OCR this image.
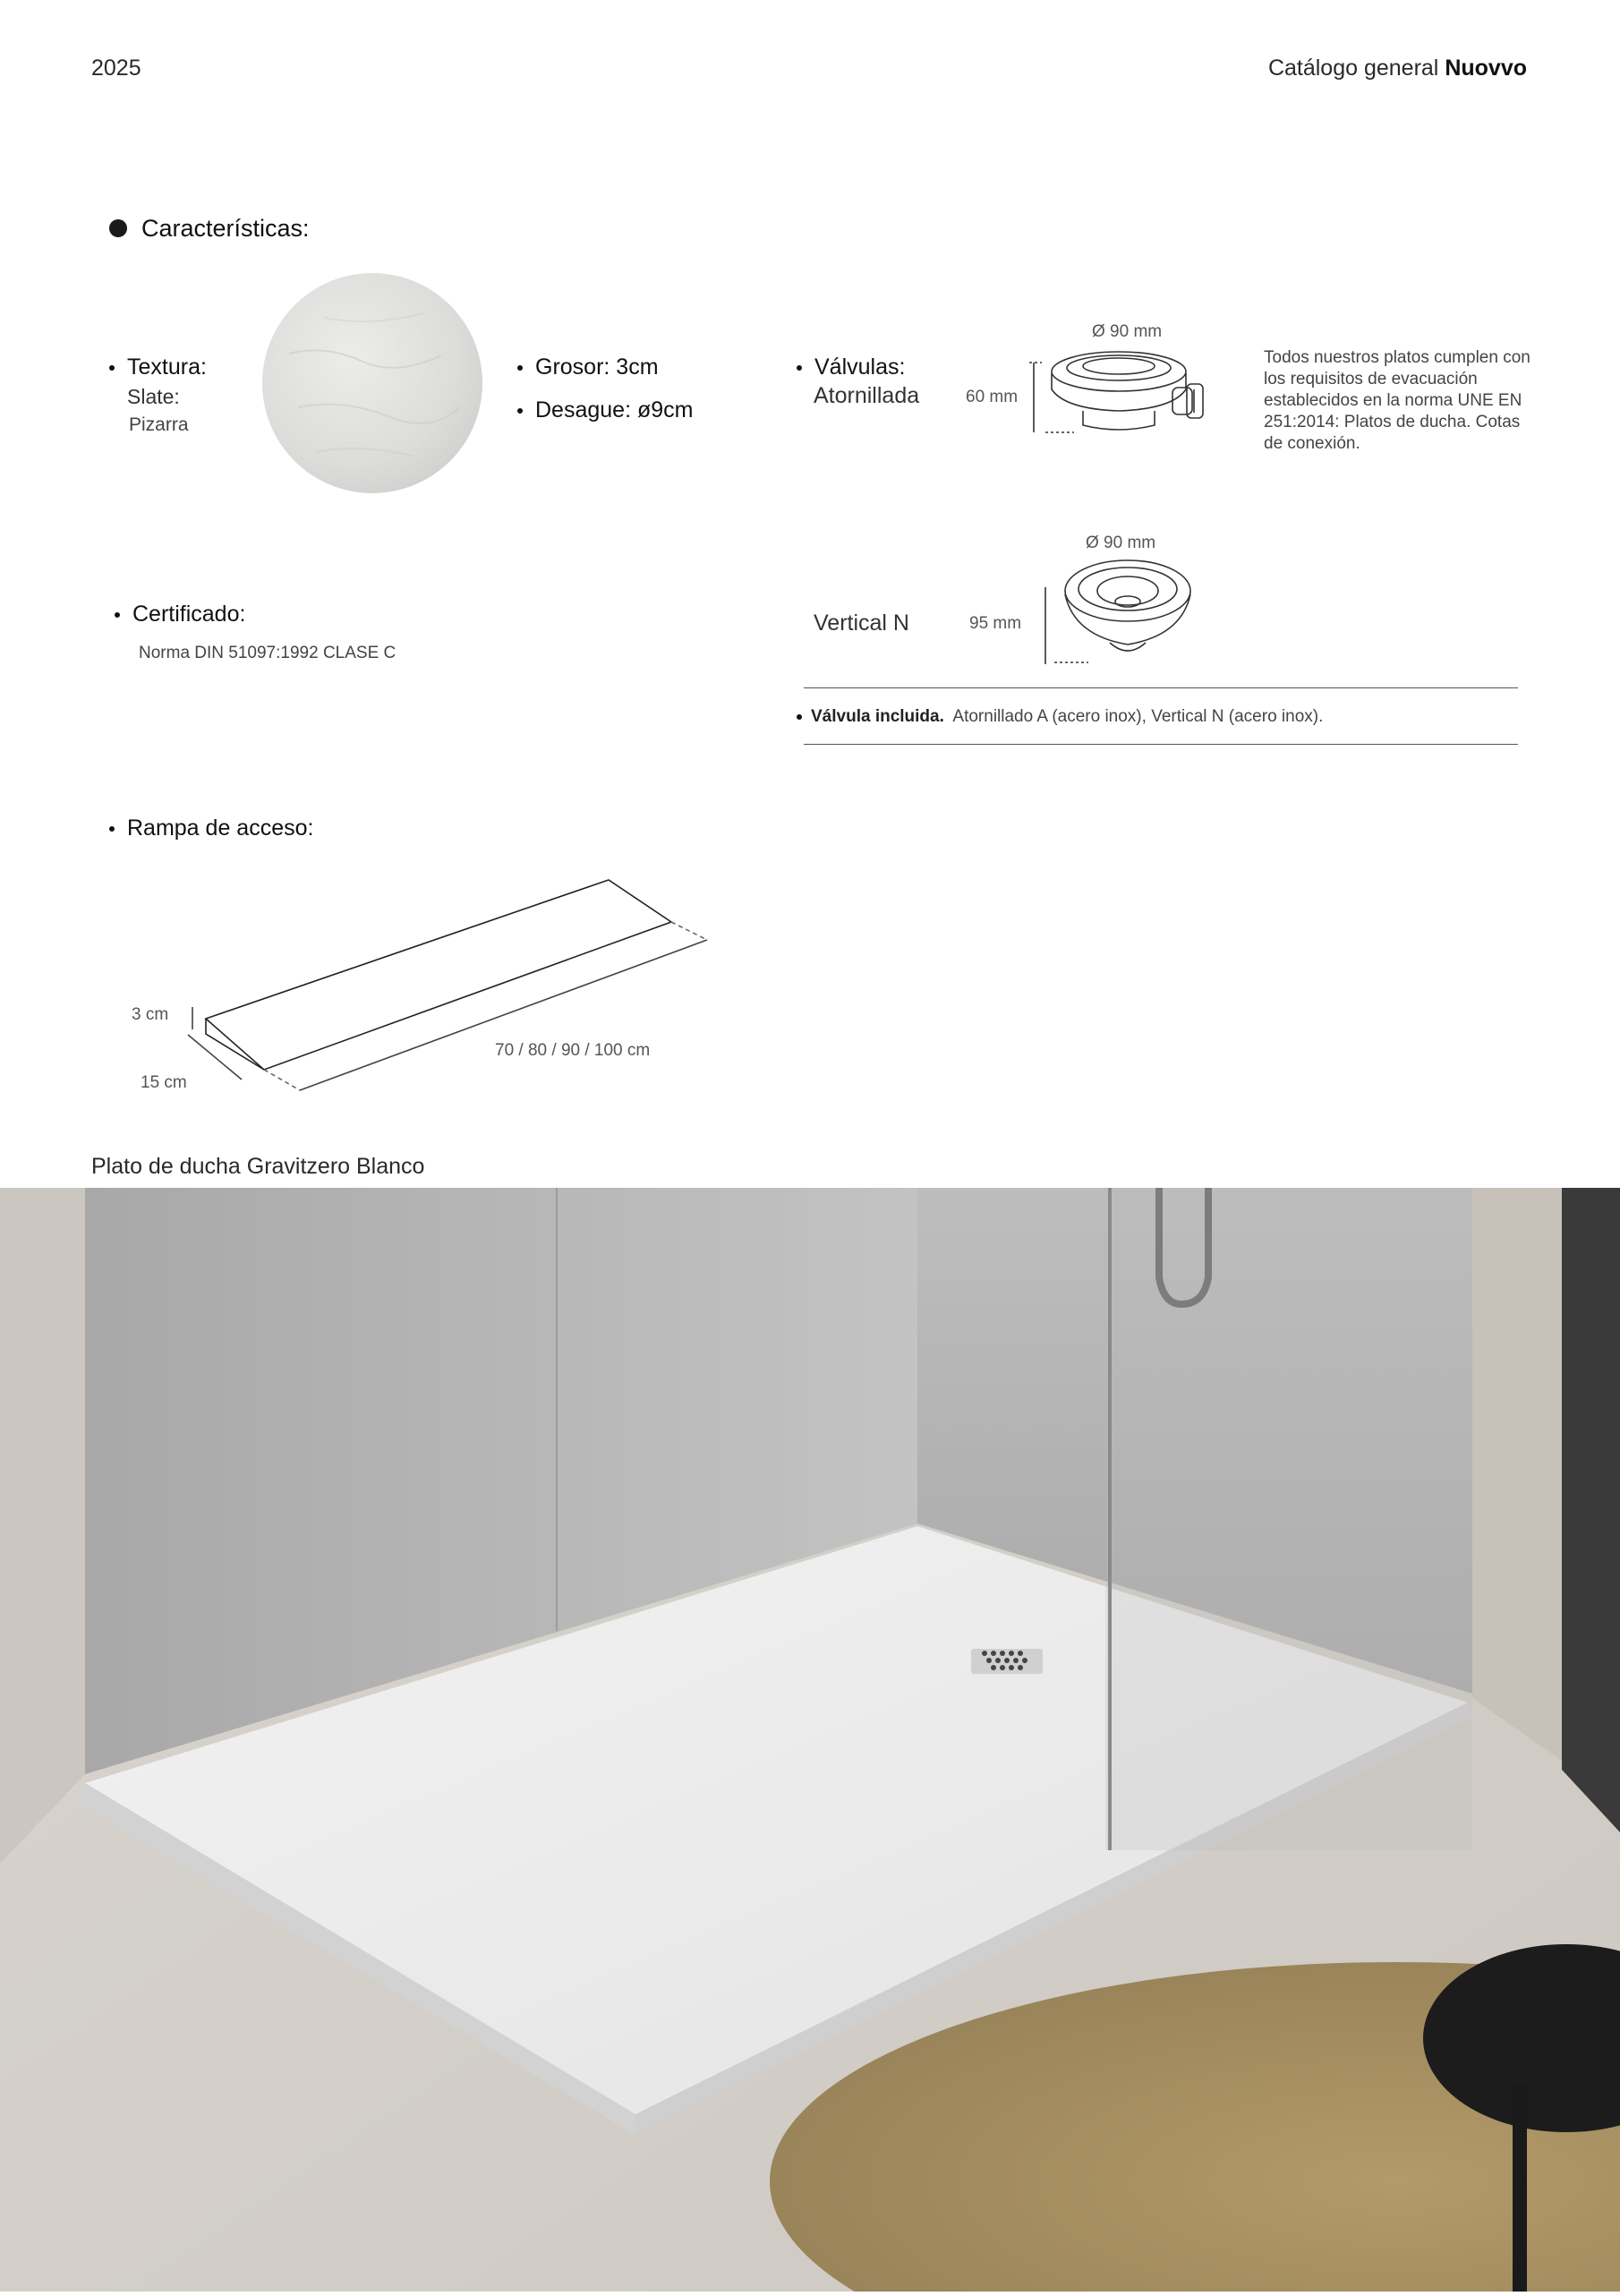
2025	Catálogo general Nuovvo
Características:
Textura:
Slate:
Pizarra
Grosor: 3cm
Desague: ø9cm
Válvulas:
Atornillada	60 mm
Ø 90 mm
Todos nuestros platos cumplen con los requisitos de evacuación establecidos en la norma UNE EN 251:2014: Platos de ducha. Cotas de conexión.
Ø 90 mm
Vertical N	95 mm
Certificado:
Norma DIN 51097:1992 CLASE C
Válvula incluida. Atornillado A (acero inox), Vertical N (acero inox).
Rampa de acceso:
3 cm
15 cm
70 / 80 / 90 / 100 cm
Plato de ducha Gravitzero Blanco
